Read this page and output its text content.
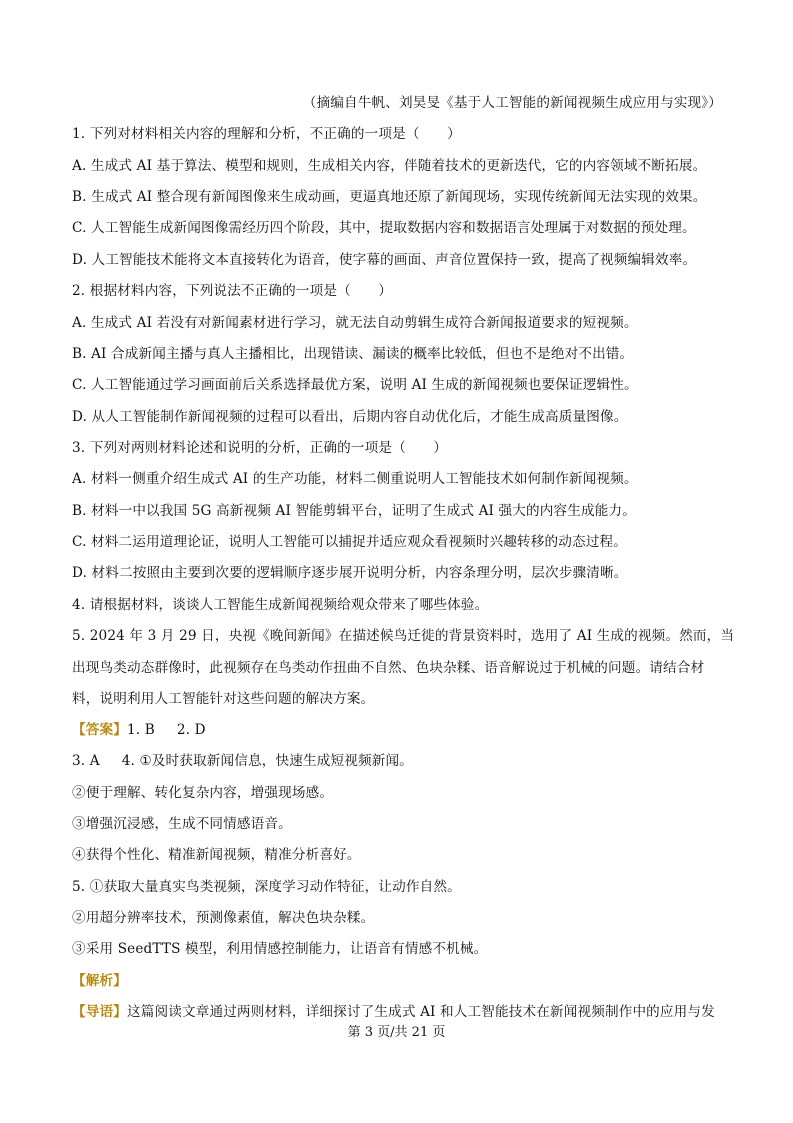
（摘编自牛帆、刘昊旻《基于人工智能的新闻视频生成应用与实现》）
1. 下列对材料相关内容的理解和分析，不正确的一项是（　　）
A. 生成式 AI 基于算法、模型和规则，生成相关内容，伴随着技术的更新迭代，它的内容领域不断拓展。
B. 生成式 AI 整合现有新闻图像来生成动画，更逼真地还原了新闻现场，实现传统新闻无法实现的效果。
C. 人工智能生成新闻图像需经历四个阶段，其中，提取数据内容和数据语言处理属于对数据的预处理。
D. 人工智能技术能将文本直接转化为语音，使字幕的画面、声音位置保持一致，提高了视频编辑效率。
2. 根据材料内容，下列说法不正确的一项是（　　）
A. 生成式 AI 若没有对新闻素材进行学习，就无法自动剪辑生成符合新闻报道要求的短视频。
B. AI 合成新闻主播与真人主播相比，出现错读、漏读的概率比较低，但也不是绝对不出错。
C. 人工智能通过学习画面前后关系选择最优方案，说明 AI 生成的新闻视频也要保证逻辑性。
D. 从人工智能制作新闻视频的过程可以看出，后期内容自动优化后，才能生成高质量图像。
3. 下列对两则材料论述和说明的分析，正确的一项是（　　）
A. 材料一侧重介绍生成式 AI 的生产功能，材料二侧重说明人工智能技术如何制作新闻视频。
B. 材料一中以我国 5G 高新视频 AI 智能剪辑平台，证明了生成式 AI 强大的内容生成能力。
C. 材料二运用道理论证，说明人工智能可以捕捉并适应观众看视频时兴趣转移的动态过程。
D. 材料二按照由主要到次要的逻辑顺序逐步展开说明分析，内容条理分明，层次步骤清晰。
4. 请根据材料，谈谈人工智能生成新闻视频给观众带来了哪些体验。
5. 2024 年 3 月 29 日，央视《晚间新闻》在描述候鸟迁徙的背景资料时，选用了 AI 生成的视频。然而，当
出现鸟类动态群像时，此视频存在鸟类动作扭曲不自然、色块杂糅、语音解说过于机械的问题。请结合材
料，说明利用人工智能针对这些问题的解决方案。
【答案】1. B 2. D
3. A 4. ①及时获取新闻信息，快速生成短视频新闻。
②便于理解、转化复杂内容，增强现场感。
③增强沉浸感，生成不同情感语音。
④获得个性化、精准新闻视频，精准分析喜好。
5. ①获取大量真实鸟类视频，深度学习动作特征，让动作自然。
②用超分辨率技术，预测像素值，解决色块杂糅。
③采用 SeedTTS 模型，利用情感控制能力，让语音有情感不机械。
【解析】
【导语】这篇阅读文章通过两则材料，详细探讨了生成式 AI 和人工智能技术在新闻视频制作中的应用与发
第 3 页/共 21 页
